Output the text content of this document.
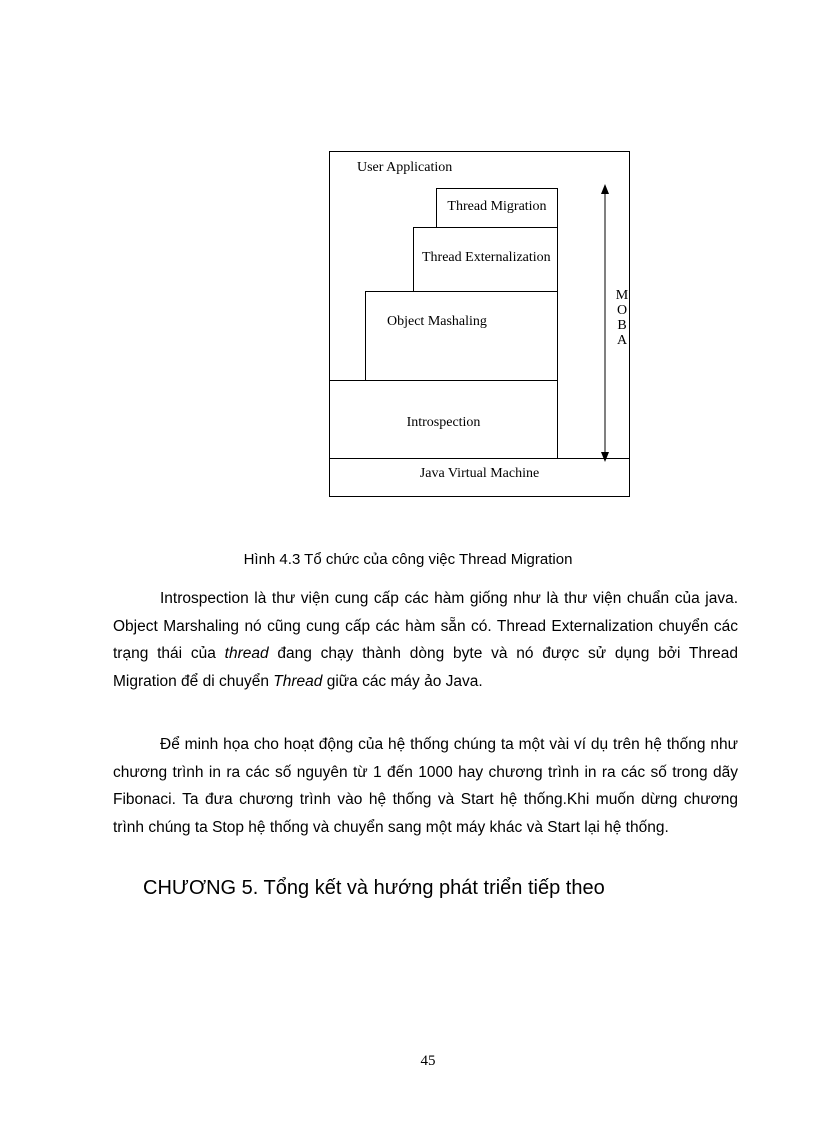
User Application
Thread Migration
Thread Externalization
Object Mashaling
Introspection
Java Virtual Machine
M
O
B
A
Hình 4.3 Tổ chức của công việc Thread Migration

Introspection là thư viện cung cấp các hàm giống như là thư viện chuẩn của java. Object Marshaling nó cũng cung cấp các hàm sẵn có. Thread Externalization chuyển các trạng thái của thread đang chạy thành dòng byte và nó được sử dụng bởi Thread Migration để di chuyển Thread giữa các máy ảo Java.

Để minh họa cho hoạt động của hệ thống chúng ta một vài ví dụ trên hệ thống như chương trình in ra các số nguyên từ 1 đến 1000 hay chương trình in ra các số trong dãy Fibonaci. Ta đưa chương trình vào hệ thống và Start hệ thống.Khi muốn dừng chương trình chúng ta Stop hệ thống và chuyển sang một máy khác và Start lại hệ thống.

CHƯƠNG 5. Tổng kết và hướng phát triển tiếp theo
45
